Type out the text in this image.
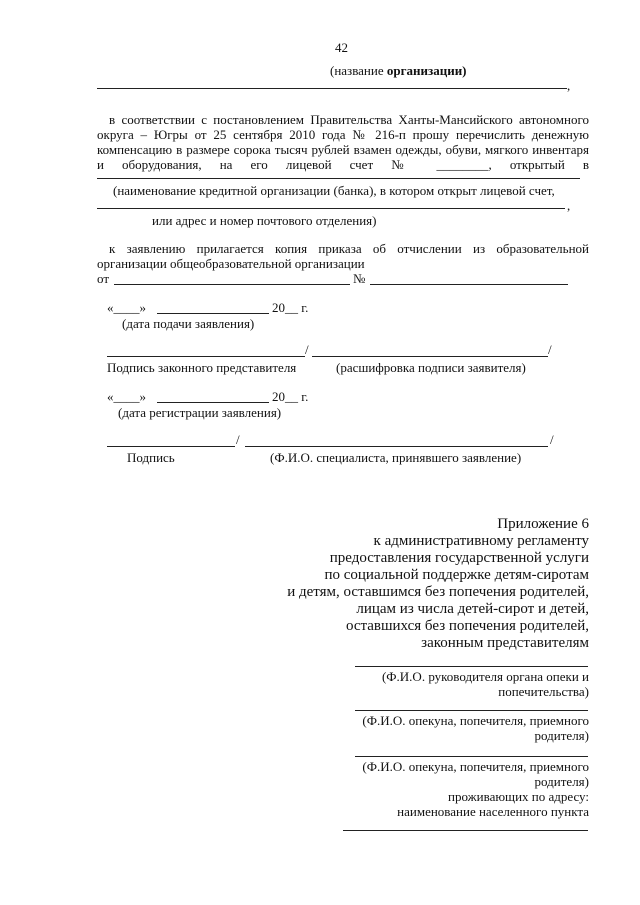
42
(название организации)
,
в соответствии с постановлением Правительства Ханты-Мансийского автономного
округа – Югры от 25 сентября 2010 года № 216-п прошу перечислить денежную
компенсацию в размере сорока тысяч рублей взамен одежды, обуви, мягкого инвентаря
и оборудования, на его лицевой счет № ________, открытый в
(наименование кредитной организации (банка), в котором открыт лицевой счет,
,
или адрес и номер почтового отделения)
к заявлению прилагается копия приказа об отчислении из образовательной
организации общеобразовательной организации
от	№
«____»	20__ г.
(дата подачи заявления)
/	/
Подпись законного представителя	(расшифровка подписи заявителя)
«____»	20__ г.
(дата регистрации заявления)
/	/
Подпись	(Ф.И.О. специалиста, принявшего заявление)
Приложение 6
к административному регламенту
предоставления государственной услуги
по социальной поддержке детям-сиротам
и детям, оставшимся без попечения родителей,
лицам из числа детей-сирот и детей,
оставшихся без попечения родителей,
законным представителям
(Ф.И.О. руководителя органа опеки и
попечительства)
(Ф.И.О. опекуна, попечителя, приемного
родителя)
(Ф.И.О. опекуна, попечителя, приемного
родителя)
проживающих по адресу:
наименование населенного пункта
